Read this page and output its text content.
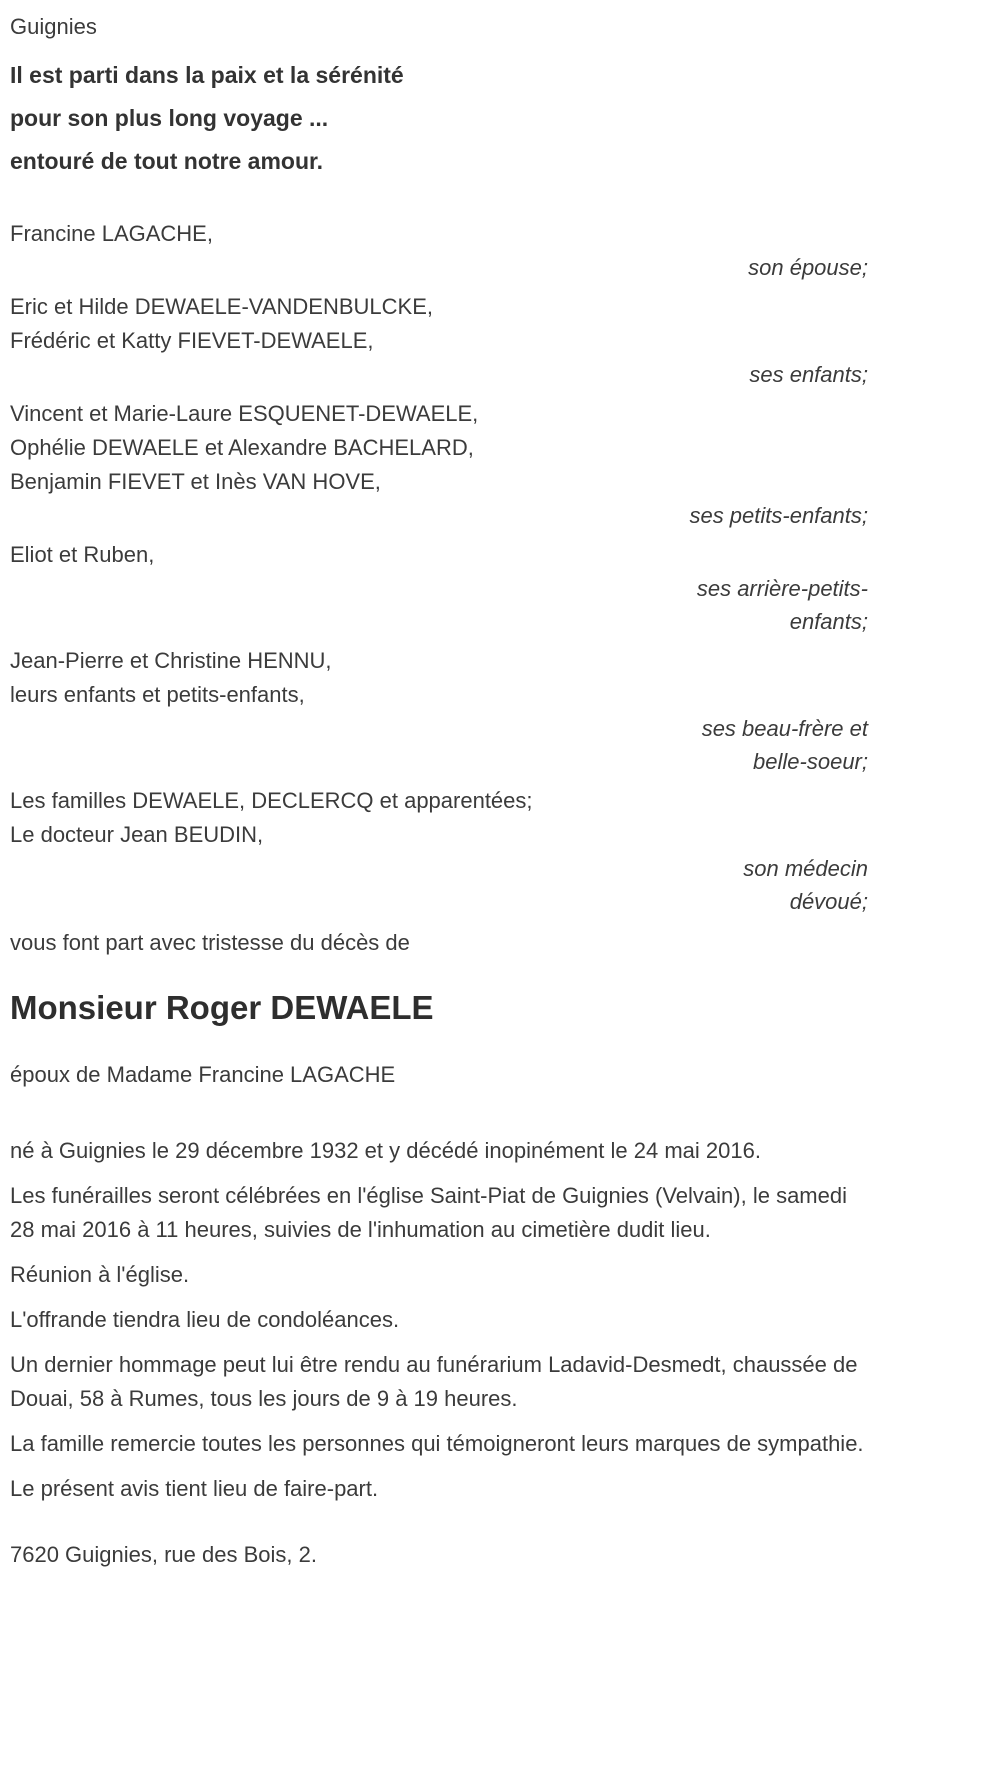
Guignies

Il est parti dans la paix et la sérénité

pour son plus long voyage ...

entouré de tout notre amour.

Francine LAGACHE,

son épouse;

Eric et Hilde DEWAELE-VANDENBULCKE,

Frédéric et Katty FIEVET-DEWAELE,

ses enfants;

Vincent et Marie-Laure ESQUENET-DEWAELE,

Ophélie DEWAELE et Alexandre BACHELARD,

Benjamin FIEVET et Inès VAN HOVE,

ses petits-enfants;

Eliot et Ruben,

ses arrière-petits-

enfants;

Jean-Pierre et Christine HENNU,

leurs enfants et petits-enfants,

ses beau-frère et

belle-soeur;

Les familles DEWAELE, DECLERCQ et apparentées;

Le docteur Jean BEUDIN,

son médecin

dévoué;

vous font part avec tristesse du décès de

Monsieur Roger DEWAELE

époux de Madame Francine LAGACHE

né à Guignies le 29 décembre 1932 et y décédé inopinément le 24 mai 2016.

Les funérailles seront célébrées en l'église Saint-Piat de Guignies (Velvain), le samedi 28 mai 2016 à 11 heures, suivies de l'inhumation au cimetière dudit lieu.

Réunion à l'église.

L'offrande tiendra lieu de condoléances.

Un dernier hommage peut lui être rendu au funérarium Ladavid-Desmedt, chaussée de Douai, 58 à Rumes, tous les jours de 9 à 19 heures.

La famille remercie toutes les personnes qui témoigneront leurs marques de sympathie.

Le présent avis tient lieu de faire-part.

7620 Guignies, rue des Bois, 2.
